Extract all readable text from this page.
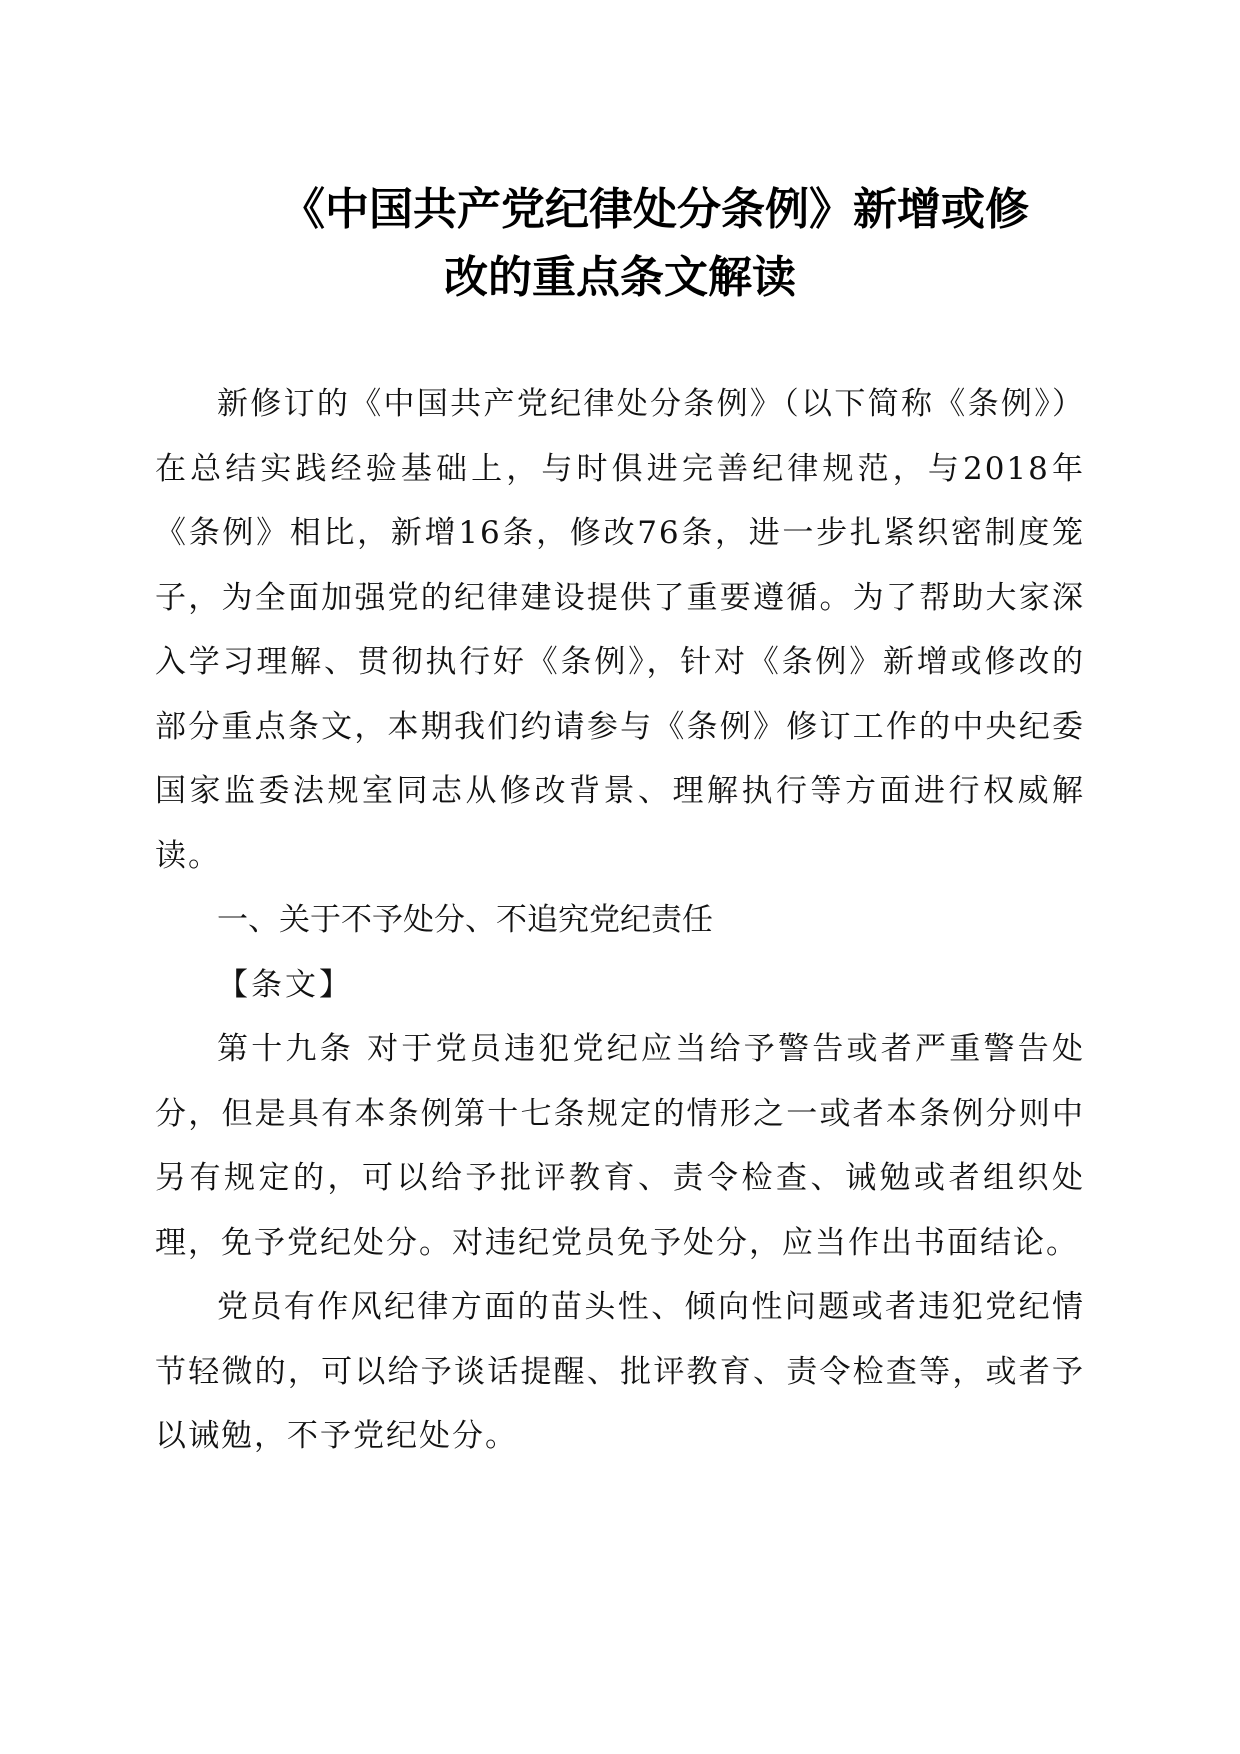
《中国共产党纪律处分条例》新增或修
改的重点条文解读

新修订的《中国共产党纪律处分条例》（以下简称《条例》）在总结实践经验基础上，与时俱进完善纪律规范，与2018年《条例》相比，新增16条，修改76条，进一步扎紧织密制度笼子，为全面加强党的纪律建设提供了重要遵循。为了帮助大家深入学习理解、贯彻执行好《条例》，针对《条例》新增或修改的部分重点条文，本期我们约请参与《条例》修订工作的中央纪委国家监委法规室同志从修改背景、理解执行等方面进行权威解读。

一、关于不予处分、不追究党纪责任

【条文】

第十九条 对于党员违犯党纪应当给予警告或者严重警告处分，但是具有本条例第十七条规定的情形之一或者本条例分则中另有规定的，可以给予批评教育、责令检查、诫勉或者组织处理，免予党纪处分。对违纪党员免予处分，应当作出书面结论。

党员有作风纪律方面的苗头性、倾向性问题或者违犯党纪情节轻微的，可以给予谈话提醒、批评教育、责令检查等，或者予以诫勉，不予党纪处分。
